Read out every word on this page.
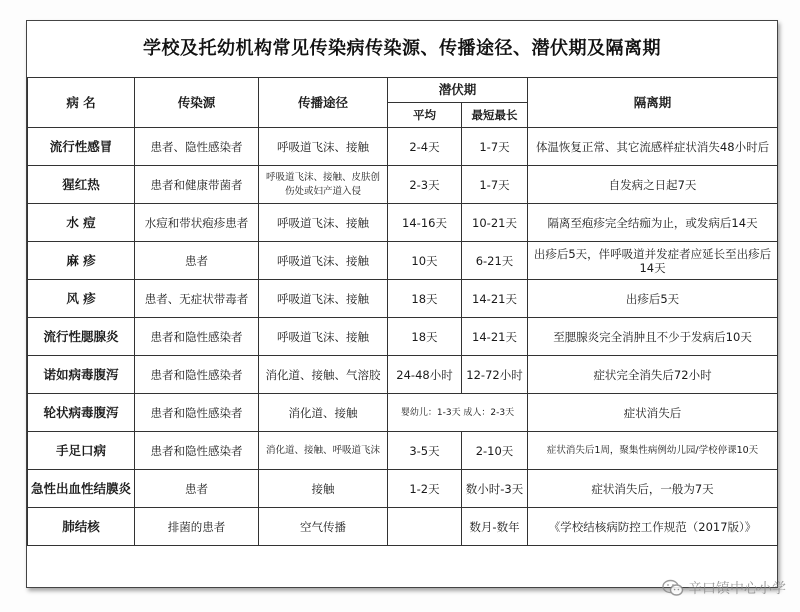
学校及托幼机构常见传染病传染源、传播途径、潜伏期及隔离期
病 名	传染源	传播途径	潜伏期		隔离期
			平均	最短最长	
流行性感冒	患者、隐性感染者	呼吸道飞沫、接触	2-4天	1-7天	体温恢复正常、其它流感样症状消失48小时后
猩红热	患者和健康带菌者	呼吸道飞沫、接触、皮肤创伤处或妇产道入侵	2-3天	1-7天	自发病之日起7天
水 痘	水痘和带状疱疹患者	呼吸道飞沫、接触	14-16天	10-21天	隔离至疱疹完全结痂为止，或发病后14天
麻 疹	患者	呼吸道飞沫、接触	10天	6-21天	出疹后5天，伴呼吸道并发症者应延长至出疹后14天
风 疹	患者、无症状带毒者	呼吸道飞沫、接触	18天	14-21天	出疹后5天
流行性腮腺炎	患者和隐性感染者	呼吸道飞沫、接触	18天	14-21天	至腮腺炎完全消肿且不少于发病后10天
诺如病毒腹泻	患者和隐性感染者	消化道、接触、气溶胶	24-48小时	12-72小时	症状完全消失后72小时
轮状病毒腹泻	患者和隐性感染者	消化道、接触	婴幼儿：1-3天 成人：2-3天		症状消失后
手足口病	患者和隐性感染者	消化道、接触、呼吸道飞沫	3-5天	2-10天	症状消失后1周，聚集性病例幼儿园/学校停课10天
急性出血性结膜炎	患者	接触	1-2天	数小时-3天	症状消失后，一般为7天
肺结核	排菌的患者	空气传播		数月-数年	《学校结核病防控工作规范（2017版）》
辛口镇中心小学
